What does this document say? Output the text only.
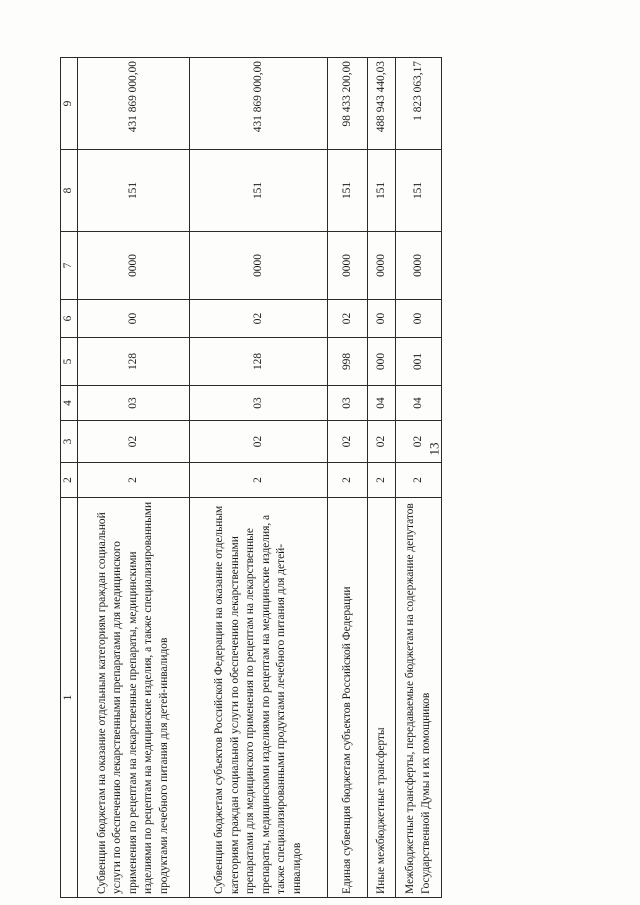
13
1	2	3	4	5	6	7	8	9
Субвенции бюджетам на оказание отдельным категориям граждан социальной услуги по обеспечению лекарственными препаратами для медицинского применения по рецептам на лекарственные препараты, медицинскими изделиями по рецептам на медицинские изделия, а также специализированными продуктами лечебного питания для детей-инвалидов	2	02	03	128	00	0000	151	431 869 000,00
Субвенции бюджетам субъектов Российской Федерации на оказание отдельным категориям граждан социальной услуги по обеспечению лекарственными препаратами для медицинского применения по рецептам на лекарственные препараты, медицинскими изделиями по рецептам на медицинские изделия, а также специализированными продуктами лечебного питания для детей-инвалидов	2	02	03	128	02	0000	151	431 869 000,00
Единая субвенция бюджетам субъектов Российской Федерации	2	02	03	998	02	0000	151	98 433 200,00
Иные межбюджетные трансферты	2	02	04	000	00	0000	151	488 943 440,03
Межбюджетные трансферты, передаваемые бюджетам на содержание депутатов Государственной Думы и их помощников	2	02	04	001	00	0000	151	1 823 063,17
